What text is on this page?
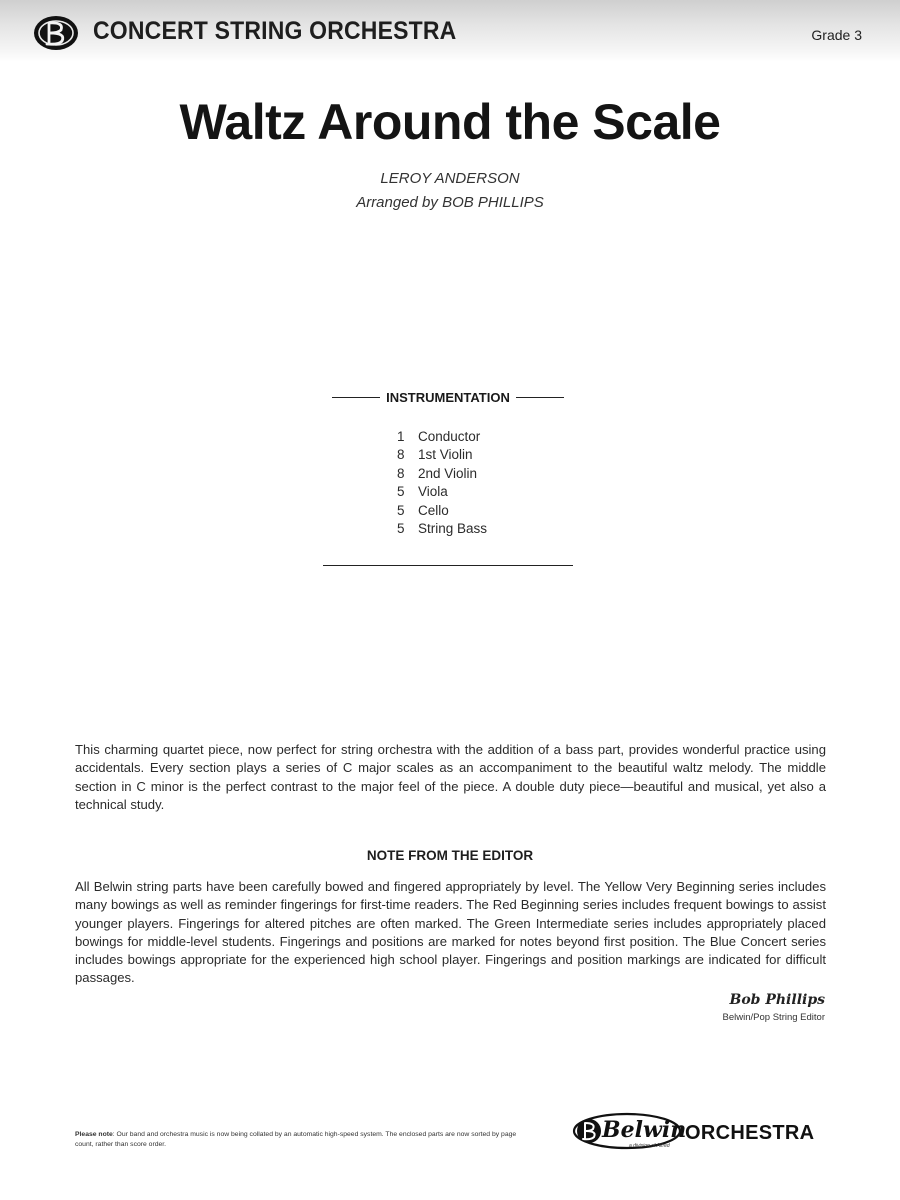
CONCERT STRING ORCHESTRA	Grade 3
Waltz Around the Scale
LEROY ANDERSON
Arranged by BOB PHILLIPS
INSTRUMENTATION
1 Conductor
8 1st Violin
8 2nd Violin
5 Viola
5 Cello
5 String Bass

This charming quartet piece, now perfect for string orchestra with the addition of a bass part, provides wonderful practice using accidentals. Every section plays a series of C major scales as an accompaniment to the beautiful waltz melody. The middle section in C minor is the perfect contrast to the major feel of the piece. A double duty piece—beautiful and musical, yet also a technical study.

NOTE FROM THE EDITOR

All Belwin string parts have been carefully bowed and fingered appropriately by level. The Yellow Very Beginning series includes many bowings as well as reminder fingerings for first-time readers. The Red Beginning series includes frequent bowings to assist younger players. Fingerings for altered pitches are often marked. The Green Intermediate series includes appropriately placed bowings for middle-level students. Fingerings and positions are marked for notes beyond first position. The Blue Concert series includes bowings appropriate for the experienced high school player. Fingerings and position markings are indicated for difficult passages.

Bob Phillips
Belwin/Pop String Editor
Please note: Our band and orchestra music is now being collated by an automatic high-speed system. The enclosed parts are now sorted by page count, rather than score order.
Belwin
ORCHESTRA
a division of Alfred
